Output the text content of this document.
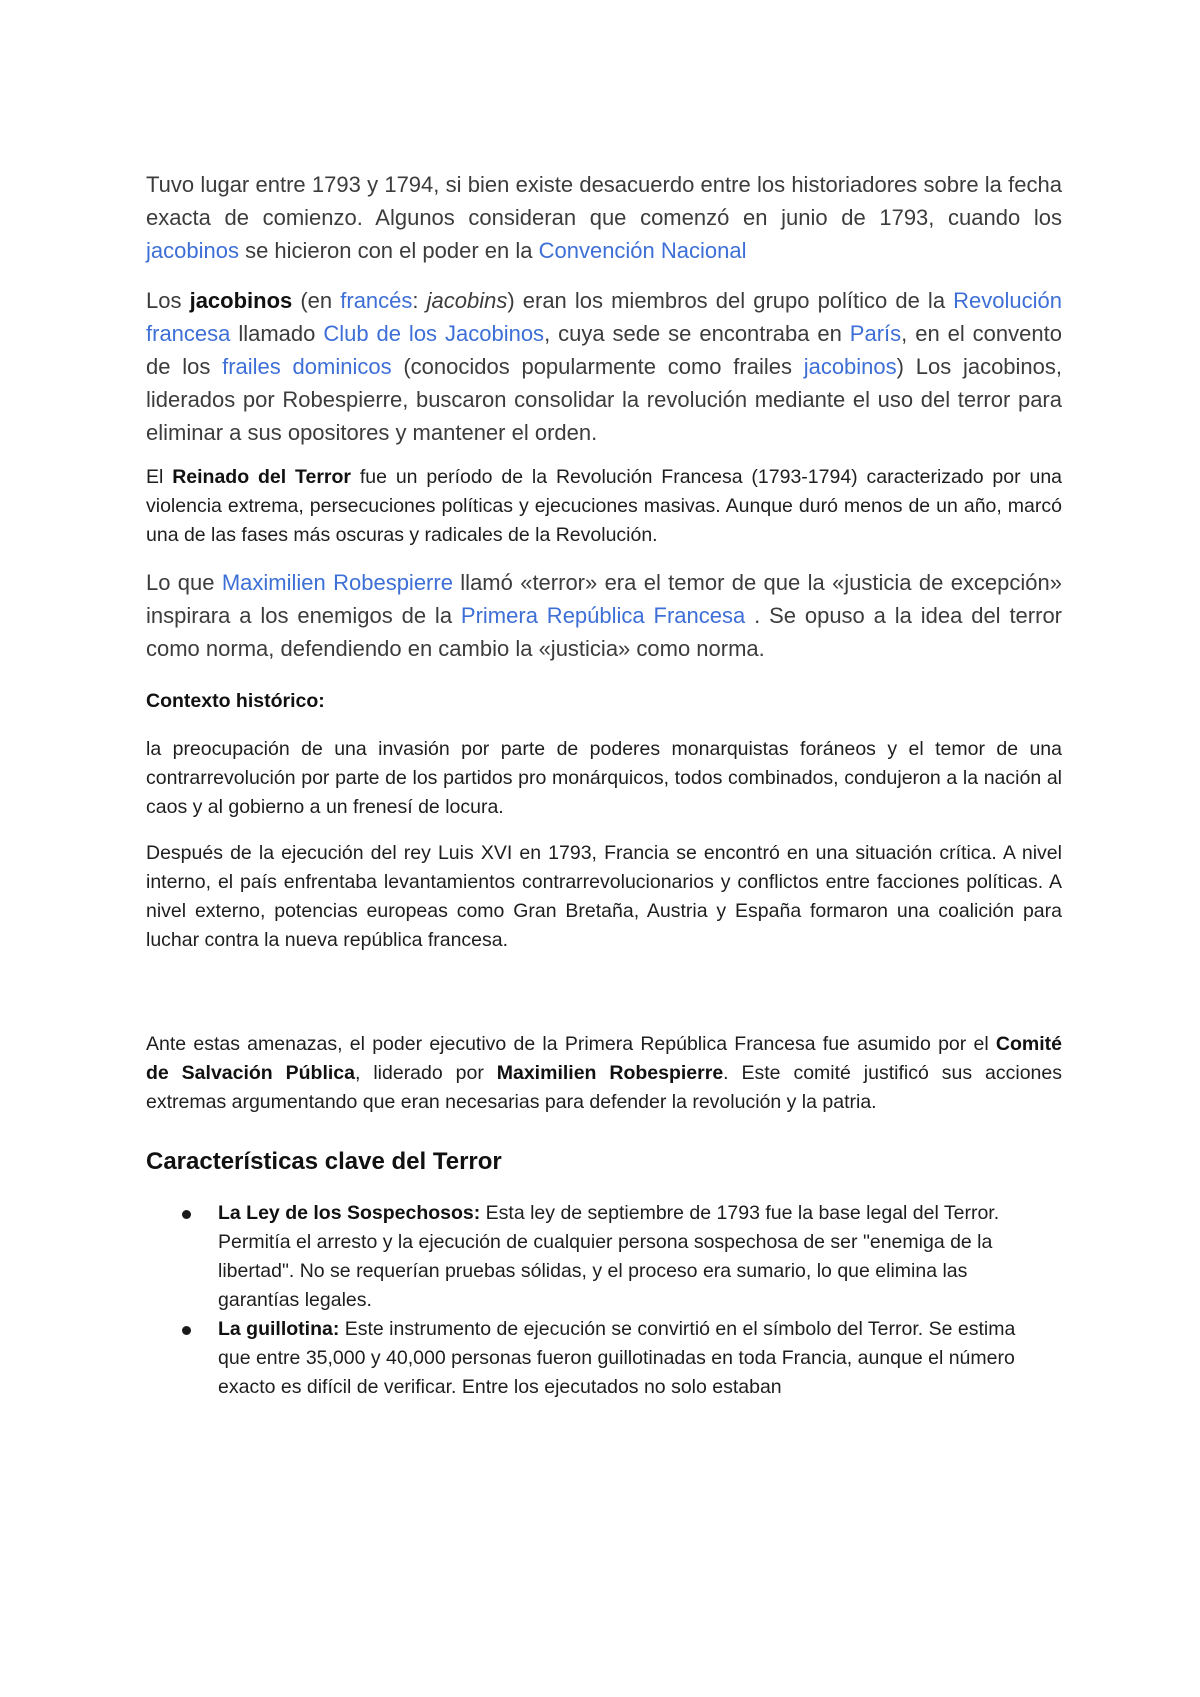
Tuvo lugar entre 1793 y 1794, si bien existe desacuerdo entre los historiadores sobre la fecha exacta de comienzo. Algunos consideran que comenzó en junio de 1793, cuando los jacobinos se hicieron con el poder en la Convención Nacional

Los jacobinos (en francés: jacobins) eran los miembros del grupo político de la Revolución francesa llamado Club de los Jacobinos, cuya sede se encontraba en París, en el convento de los frailes dominicos (conocidos popularmente como frailes jacobinos) Los jacobinos, liderados por Robespierre, buscaron consolidar la revolución mediante el uso del terror para eliminar a sus opositores y mantener el orden.

El Reinado del Terror fue un período de la Revolución Francesa (1793-1794) caracterizado por una violencia extrema, persecuciones políticas y ejecuciones masivas. Aunque duró menos de un año, marcó una de las fases más oscuras y radicales de la Revolución.

Lo que Maximilien Robespierre llamó «terror» era el temor de que la «justicia de excepción» inspirara a los enemigos de la Primera República Francesa . Se opuso a la idea del terror como norma, defendiendo en cambio la «justicia» como norma.

Contexto histórico:

la preocupación de una invasión por parte de poderes monarquistas foráneos y el temor de una contrarrevolución por parte de los partidos pro monárquicos, todos combinados, condujeron a la nación al caos y al gobierno a un frenesí de locura.

Después de la ejecución del rey Luis XVI en 1793, Francia se encontró en una situación crítica. A nivel interno, el país enfrentaba levantamientos contrarrevolucionarios y conflictos entre facciones políticas. A nivel externo, potencias europeas como Gran Bretaña, Austria y España formaron una coalición para luchar contra la nueva república francesa.

Ante estas amenazas, el poder ejecutivo de la Primera República Francesa fue asumido por el Comité de Salvación Pública, liderado por Maximilien Robespierre. Este comité justificó sus acciones extremas argumentando que eran necesarias para defender la revolución y la patria.

Características clave del Terror
La Ley de los Sospechosos: Esta ley de septiembre de 1793 fue la base legal del Terror. Permitía el arresto y la ejecución de cualquier persona sospechosa de ser "enemiga de la libertad". No se requerían pruebas sólidas, y el proceso era sumario, lo que elimina las garantías legales.
La guillotina: Este instrumento de ejecución se convirtió en el símbolo del Terror. Se estima que entre 35,000 y 40,000 personas fueron guillotinadas en toda Francia, aunque el número exacto es difícil de verificar. Entre los ejecutados no solo estaban
